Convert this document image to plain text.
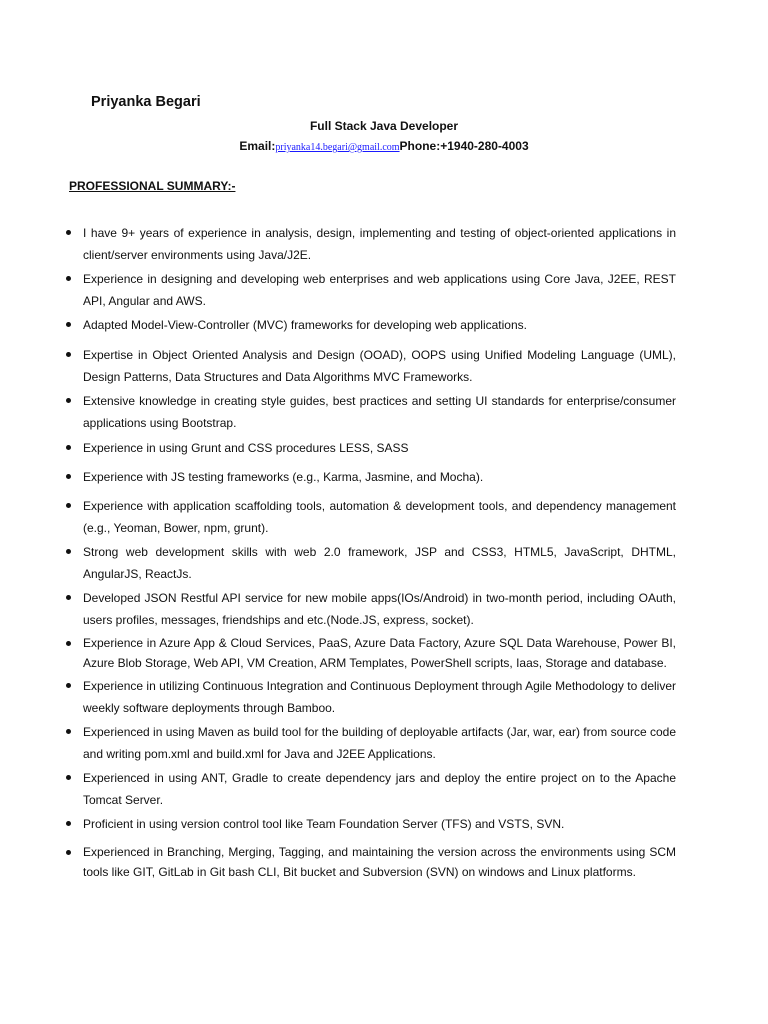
Priyanka Begari

Full Stack Java Developer

Email:priyanka14.begari@gmail.comPhone:+1940-280-4003

PROFESSIONAL SUMMARY:-
I have 9+ years of experience in analysis, design, implementing and testing of object-oriented applications in client/server environments using Java/J2E.
Experience in designing and developing web enterprises and web applications using Core Java, J2EE, REST API, Angular and AWS.
Adapted Model-View-Controller (MVC) frameworks for developing web applications.
Expertise in Object Oriented Analysis and Design (OOAD), OOPS using Unified Modeling Language (UML), Design Patterns, Data Structures and Data Algorithms MVC Frameworks.
Extensive knowledge in creating style guides, best practices and setting UI standards for enterprise/consumer applications using Bootstrap.
Experience in using Grunt and CSS procedures LESS, SASS
Experience with JS testing frameworks (e.g., Karma, Jasmine, and Mocha).
Experience with application scaffolding tools, automation & development tools, and dependency management (e.g., Yeoman, Bower, npm, grunt).
Strong web development skills with web 2.0 framework, JSP and CSS3, HTML5, JavaScript, DHTML, AngularJS, ReactJs.
Developed JSON Restful API service for new mobile apps(IOs/Android) in two-month period, including OAuth, users profiles, messages, friendships and etc.(Node.JS, express, socket).
Experience in Azure App & Cloud Services, PaaS, Azure Data Factory, Azure SQL Data Warehouse, Power BI, Azure Blob Storage, Web API, VM Creation, ARM Templates, PowerShell scripts, Iaas, Storage and database.
Experience in utilizing Continuous Integration and Continuous Deployment through Agile Methodology to deliver weekly software deployments through Bamboo.
Experienced in using Maven as build tool for the building of deployable artifacts (Jar, war, ear) from source code and writing pom.xml and build.xml for Java and J2EE Applications.
Experienced in using ANT, Gradle to create dependency jars and deploy the entire project on to the Apache Tomcat Server.
Proficient in using version control tool like Team Foundation Server (TFS) and VSTS, SVN.
Experienced in Branching, Merging, Tagging, and maintaining the version across the environments using SCM tools like GIT, GitLab in Git bash CLI, Bit bucket and Subversion (SVN) on windows and Linux platforms.
